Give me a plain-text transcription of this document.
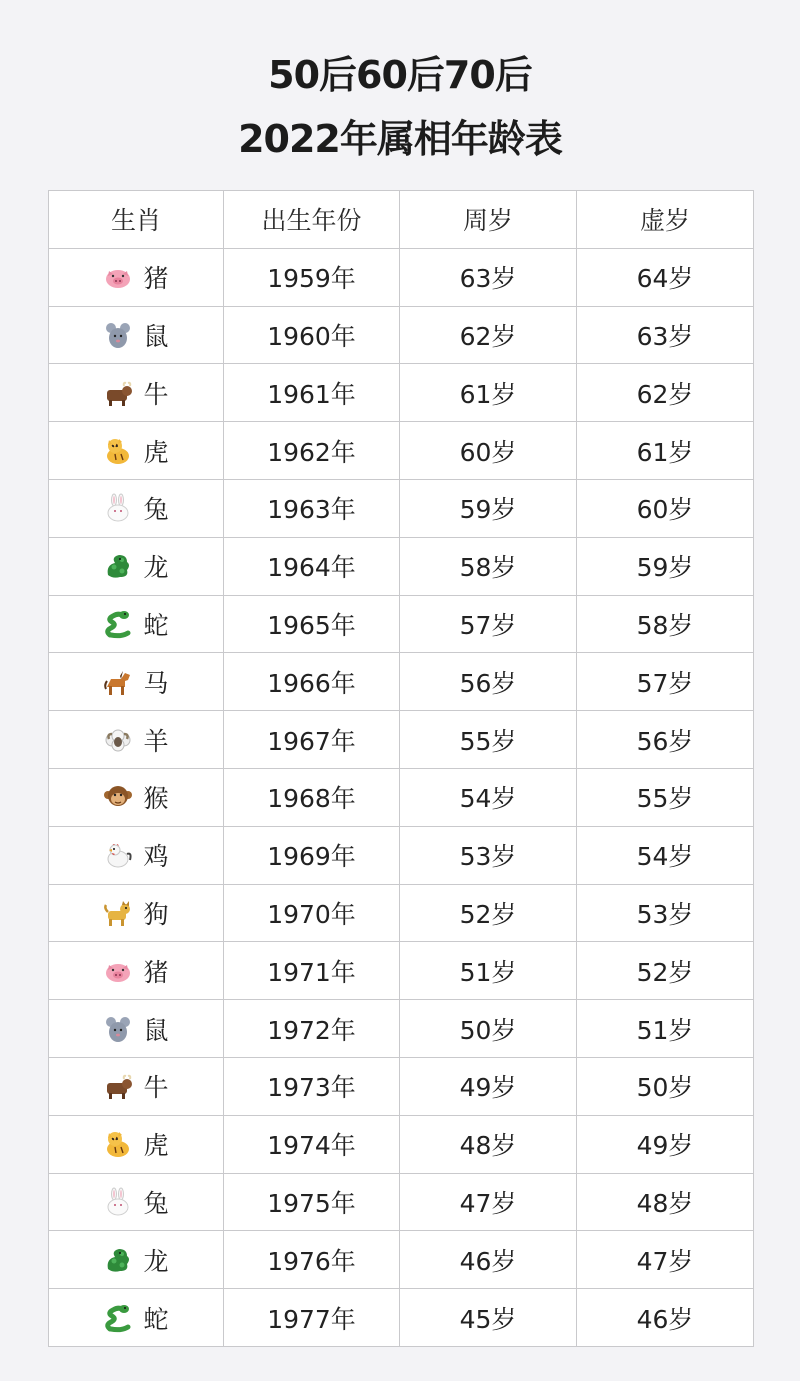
50后60后70后
2022年属相年龄表
生肖	出生年份	周岁	虚岁

猪	1959年	63岁	64岁

鼠	1960年	62岁	63岁

牛	1961年	61岁	62岁

虎	1962年	60岁	61岁

兔	1963年	59岁	60岁

龙	1964年	58岁	59岁

蛇	1965年	57岁	58岁

马	1966年	56岁	57岁

羊	1967年	55岁	56岁

猴	1968年	54岁	55岁

鸡	1969年	53岁	54岁

狗	1970年	52岁	53岁

猪	1971年	51岁	52岁

鼠	1972年	50岁	51岁

牛	1973年	49岁	50岁

虎	1974年	48岁	49岁

兔	1975年	47岁	48岁

龙	1976年	46岁	47岁

蛇	1977年	45岁	46岁
